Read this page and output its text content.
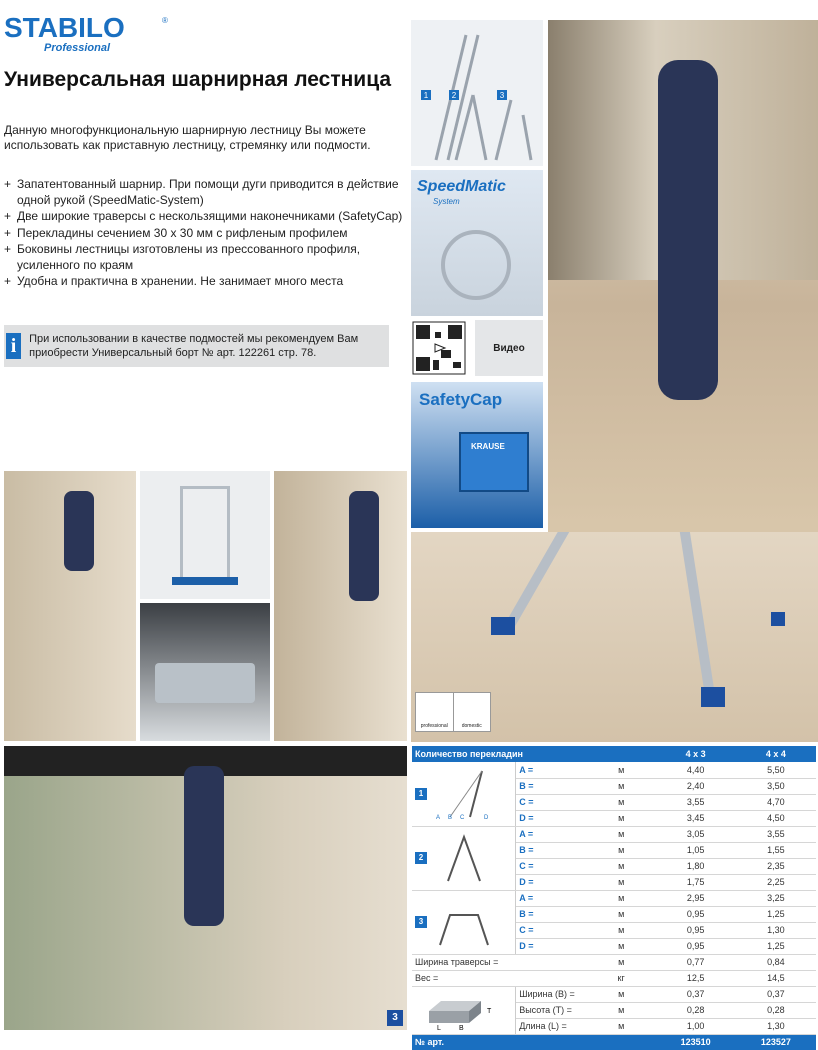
STABILO	®
Professional
Универсальная шарнирная лестница

Данную многофункциональную шарнирную лестницу Вы можете использовать как приставную лестницу, стремянку или подмости.

+ Запатентованный шарнир. При помощи дуги приводится в действие одной рукой (SpeedMatic-System)
+ Две широкие траверсы с нескользящими наконечниками (SafetyCap)
+ Перекладины сечением 30 х 30 мм с рифленым профилем
+ Боковины лестницы изготовлены из прессованного профиля, усиленного по краям
+ Удобна и практична в хранении. Не занимает много места
i	При использовании в качестве подмостей мы рекомендуем Вам приобрести Универсальный борт № арт. 122261 стр. 78.
1	2	3
SpeedMatic
System
Видео
SafetyCap
KRAUSE
professional	domestic
3
Количество перекладин			4 x 3	4 x 4
1
A B C D	A =	м	4,40	5,50
	B =	м	2,40	3,50
	C =	м	3,55	4,70
	D =	м	3,45	4,50
2	A =	м	3,05	3,55
	B =	м	1,05	1,55
	C =	м	1,80	2,35
	D =	м	1,75	2,25
3	A =	м	2,95	3,25
	B =	м	0,95	1,25
	C =	м	0,95	1,30
	D =	м	0,95	1,25
Ширина траверсы =		м	0,77	0,84
Вес =		кг	12,5	14,5

T
L B	Ширина (B) =	м	0,37	0,37
	Высота (T) =	м	0,28	0,28
	Длина (L) =	м	1,00	1,30
№ арт.			123510	123527
